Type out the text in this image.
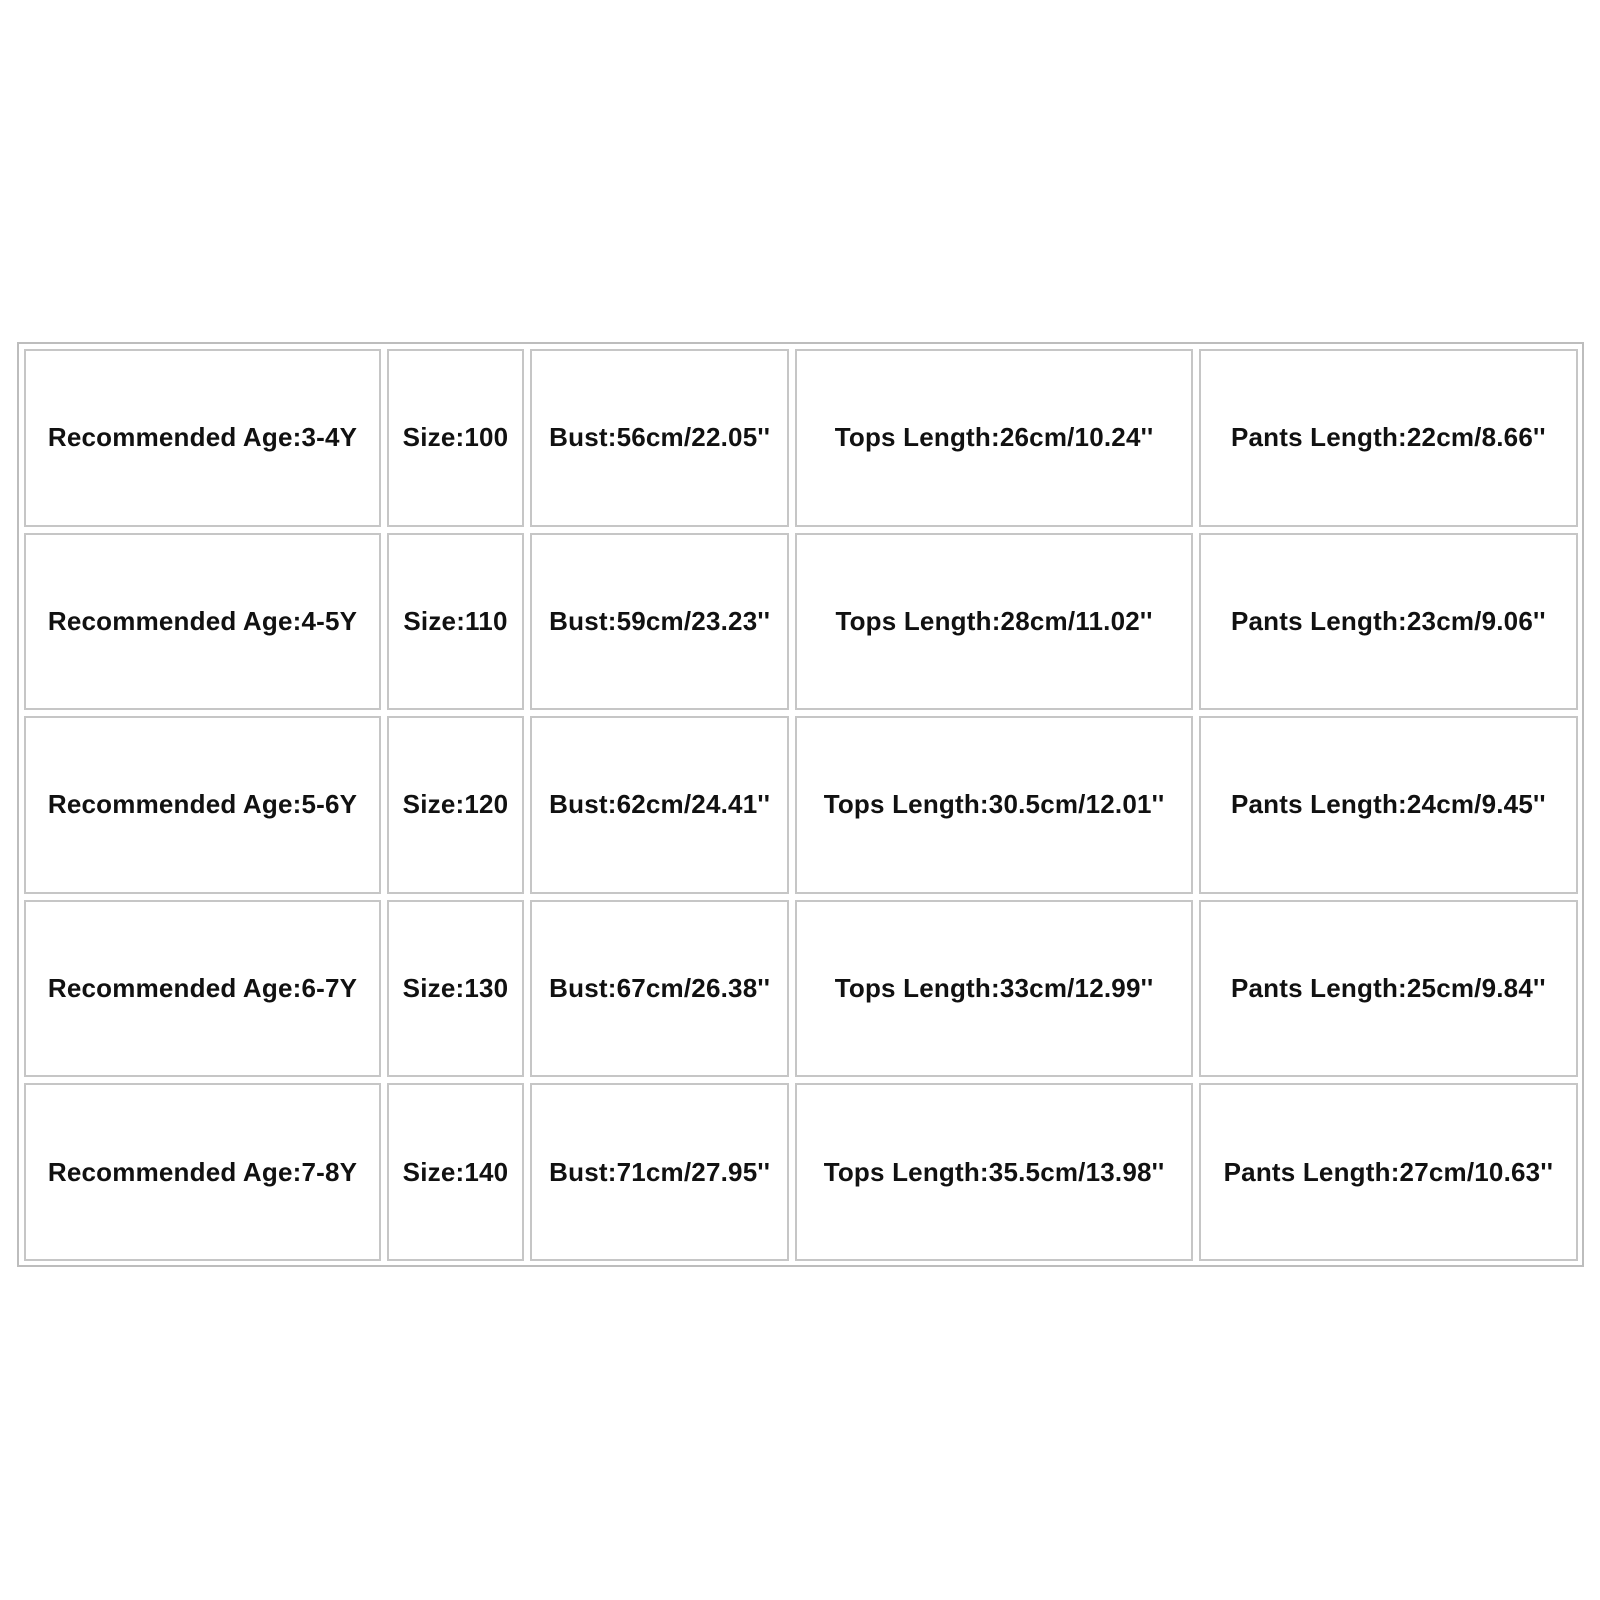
Recommended Age:3-4Y	Size:100	Bust:56cm/22.05''	Tops Length:26cm/10.24''	Pants Length:22cm/8.66''
Recommended Age:4-5Y	Size:110	Bust:59cm/23.23''	Tops Length:28cm/11.02''	Pants Length:23cm/9.06''
Recommended Age:5-6Y	Size:120	Bust:62cm/24.41''	Tops Length:30.5cm/12.01''	Pants Length:24cm/9.45''
Recommended Age:6-7Y	Size:130	Bust:67cm/26.38''	Tops Length:33cm/12.99''	Pants Length:25cm/9.84''
Recommended Age:7-8Y	Size:140	Bust:71cm/27.95''	Tops Length:35.5cm/13.98''	Pants Length:27cm/10.63''
